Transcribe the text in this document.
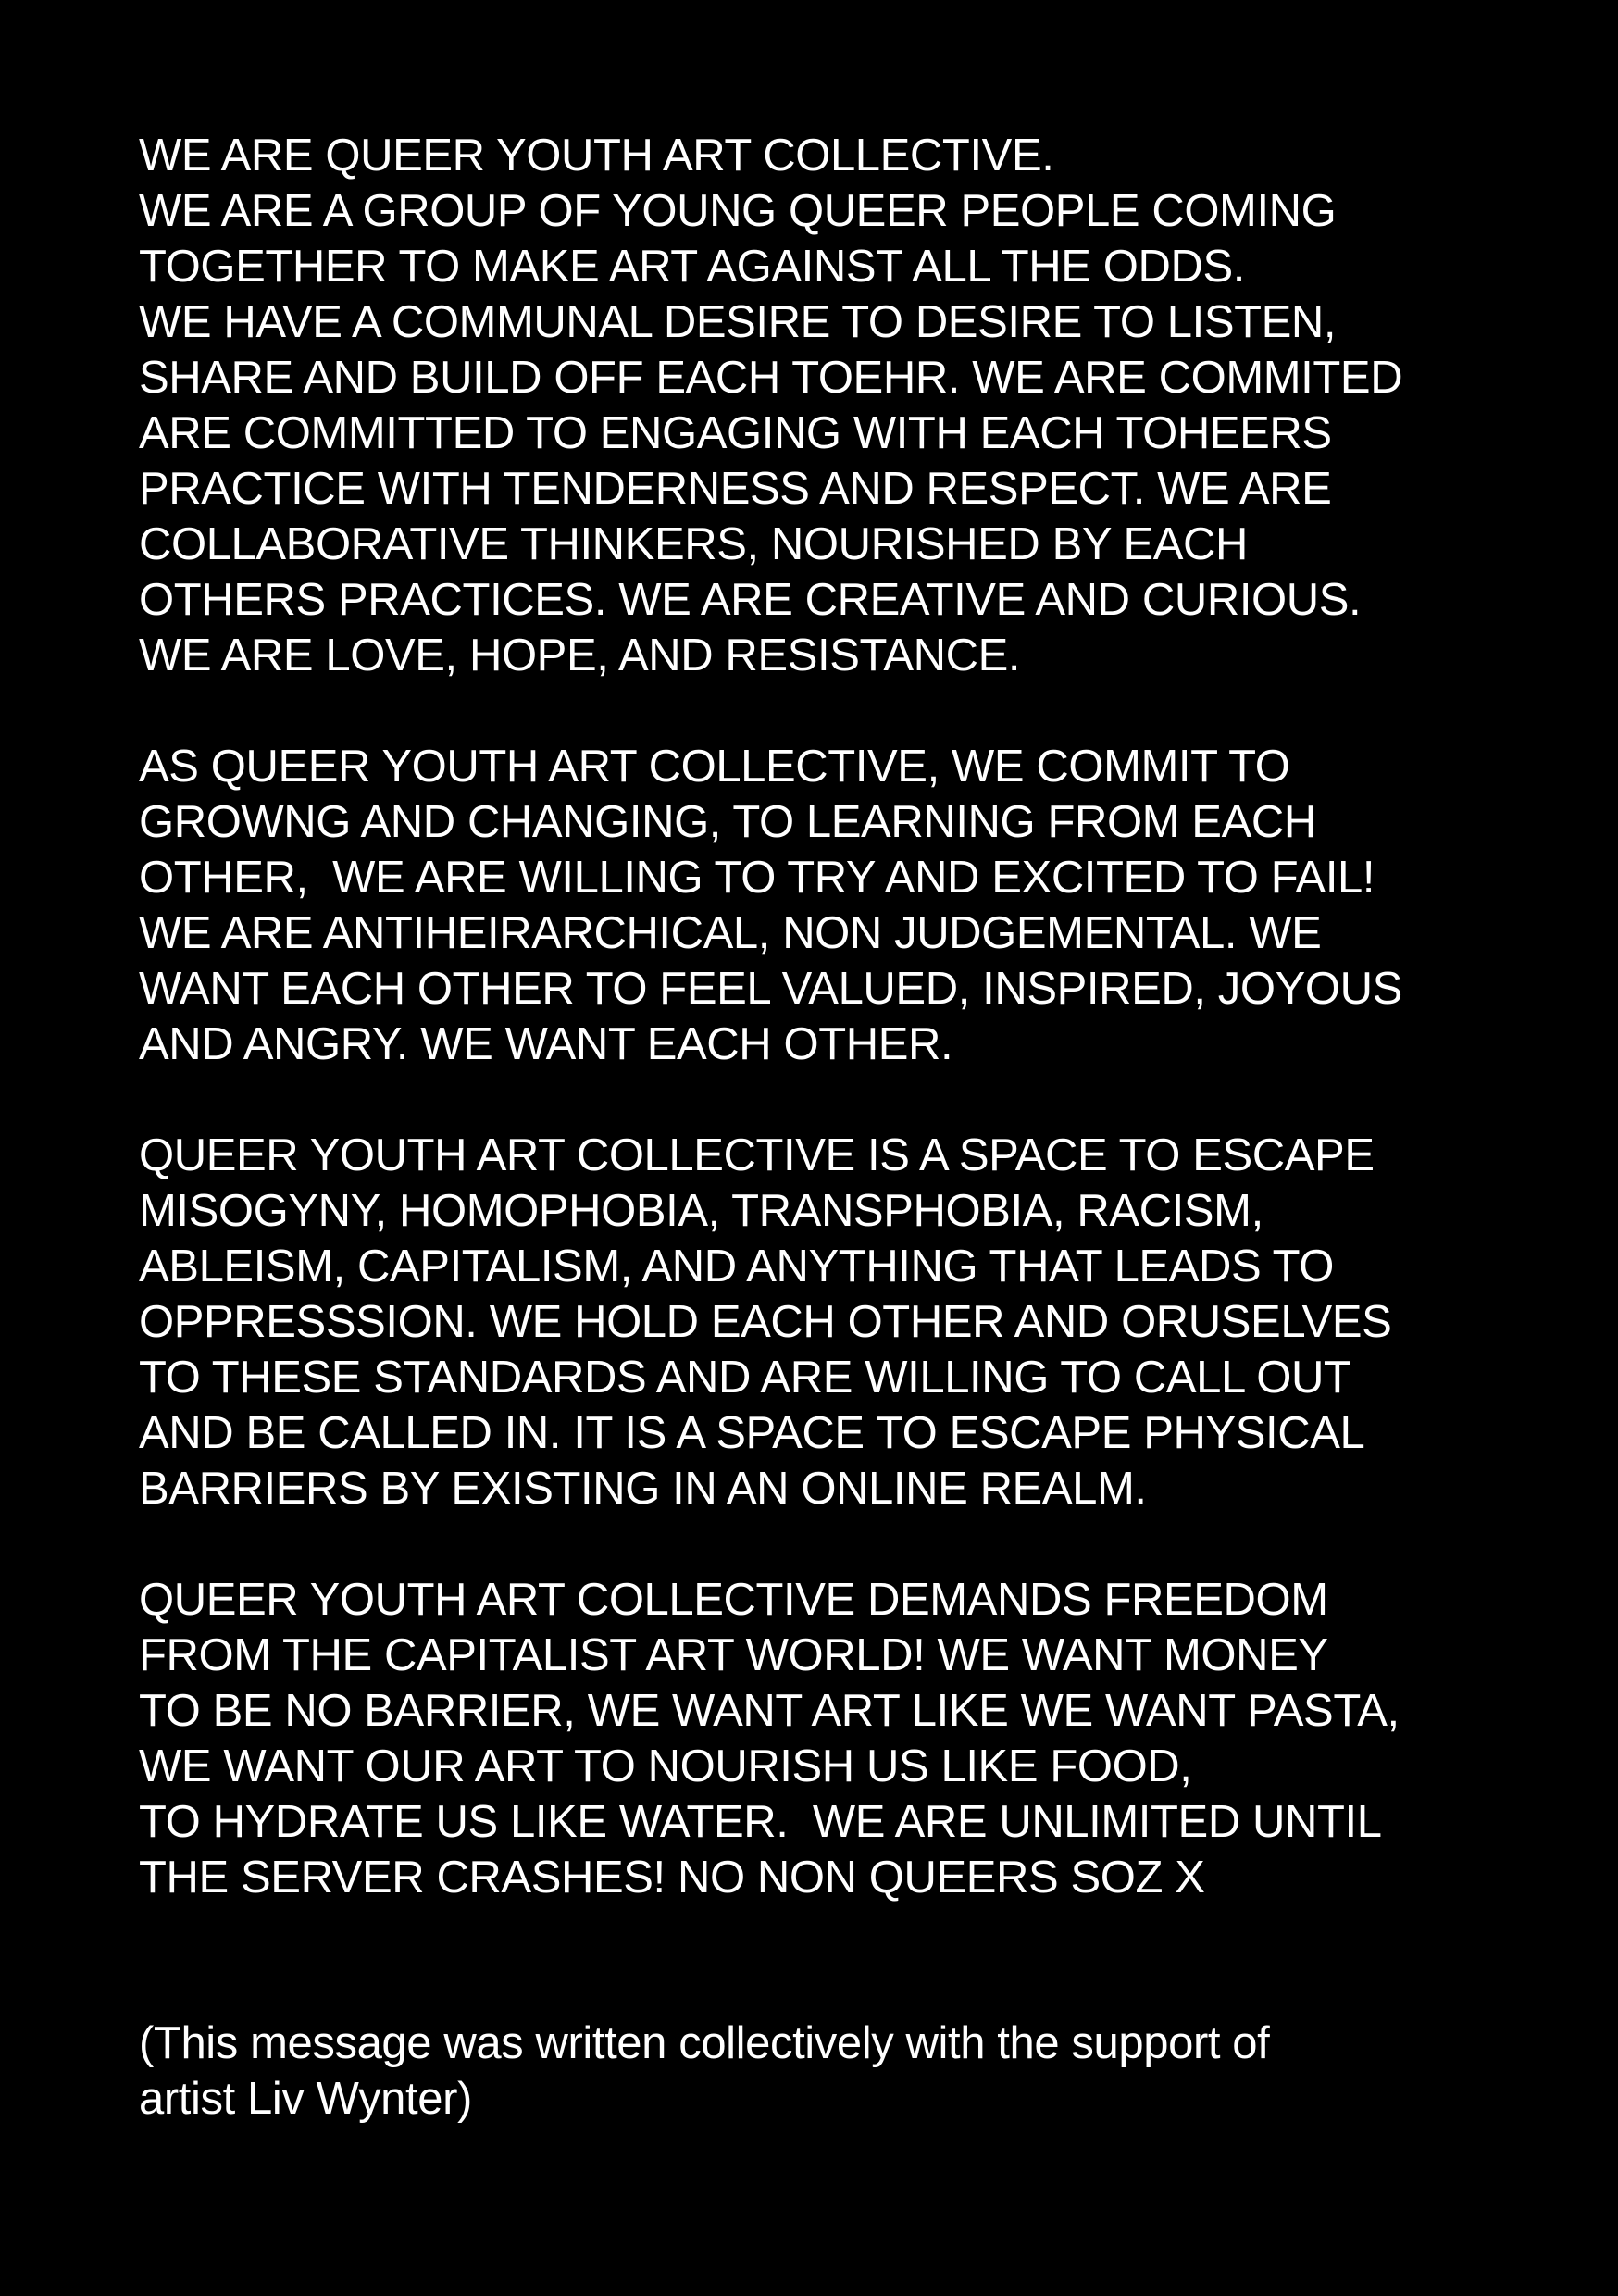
WE ARE QUEER YOUTH ART COLLECTIVE.
WE ARE A GROUP OF YOUNG QUEER PEOPLE COMING
TOGETHER TO MAKE ART AGAINST ALL THE ODDS.
WE HAVE A COMMUNAL DESIRE TO DESIRE TO LISTEN,
SHARE AND BUILD OFF EACH TOEHR. WE ARE COMMITED
ARE COMMITTED TO ENGAGING WITH EACH TOHEERS
PRACTICE WITH TENDERNESS AND RESPECT. WE ARE
COLLABORATIVE THINKERS, NOURISHED BY EACH
OTHERS PRACTICES. WE ARE CREATIVE AND CURIOUS.
WE ARE LOVE, HOPE, AND RESISTANCE.

AS QUEER YOUTH ART COLLECTIVE, WE COMMIT TO
GROWNG AND CHANGING, TO LEARNING FROM EACH
OTHER,  WE ARE WILLING TO TRY AND EXCITED TO FAIL!
WE ARE ANTIHEIRARCHICAL, NON JUDGEMENTAL. WE
WANT EACH OTHER TO FEEL VALUED, INSPIRED, JOYOUS
AND ANGRY. WE WANT EACH OTHER.

QUEER YOUTH ART COLLECTIVE IS A SPACE TO ESCAPE
MISOGYNY, HOMOPHOBIA, TRANSPHOBIA, RACISM,
ABLEISM, CAPITALISM, AND ANYTHING THAT LEADS TO
OPPRESSSION. WE HOLD EACH OTHER AND ORUSELVES
TO THESE STANDARDS AND ARE WILLING TO CALL OUT
AND BE CALLED IN. IT IS A SPACE TO ESCAPE PHYSICAL
BARRIERS BY EXISTING IN AN ONLINE REALM.

QUEER YOUTH ART COLLECTIVE DEMANDS FREEDOM
FROM THE CAPITALIST ART WORLD! WE WANT MONEY
TO BE NO BARRIER, WE WANT ART LIKE WE WANT PASTA,
WE WANT OUR ART TO NOURISH US LIKE FOOD,
TO HYDRATE US LIKE WATER.  WE ARE UNLIMITED UNTIL
THE SERVER CRASHES! NO NON QUEERS SOZ X

(This message was written collectively with the support of
artist Liv Wynter)
